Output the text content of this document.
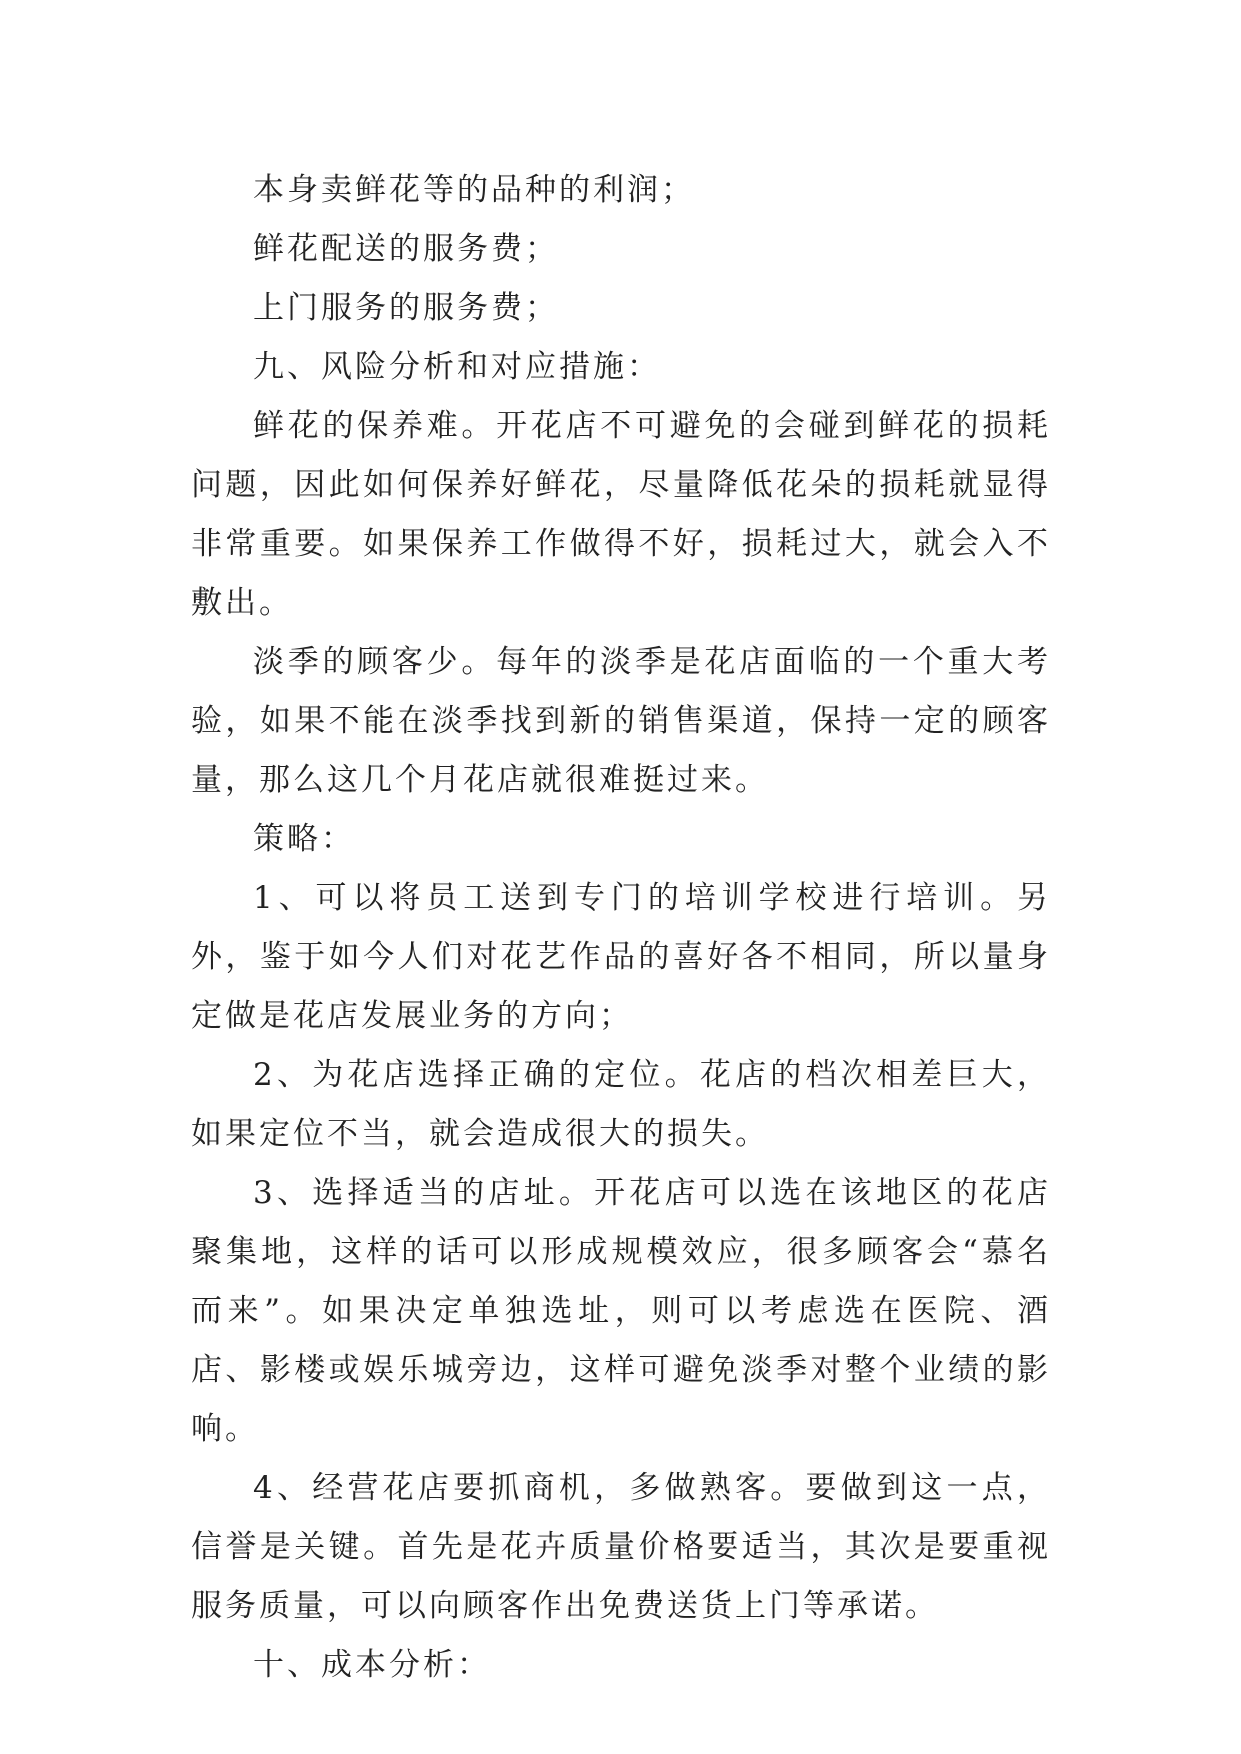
本身卖鲜花等的品种的利润；

鲜花配送的服务费；

上门服务的服务费；

九、风险分析和对应措施：

鲜花的保养难。开花店不可避免的会碰到鲜花的损耗问题，因此如何保养好鲜花，尽量降低花朵的损耗就显得非常重要。如果保养工作做得不好，损耗过大，就会入不敷出。

淡季的顾客少。每年的淡季是花店面临的一个重大考验，如果不能在淡季找到新的销售渠道，保持一定的顾客量，那么这几个月花店就很难挺过来。

策略：

1、可以将员工送到专门的培训学校进行培训。另外，鉴于如今人们对花艺作品的喜好各不相同，所以量身定做是花店发展业务的方向；

2、为花店选择正确的定位。花店的档次相差巨大，如果定位不当，就会造成很大的损失。

3、选择适当的店址。开花店可以选在该地区的花店聚集地，这样的话可以形成规模效应，很多顾客会“慕名而来”。如果决定单独选址，则可以考虑选在医院、酒店、影楼或娱乐城旁边，这样可避免淡季对整个业绩的影响。

4、经营花店要抓商机，多做熟客。要做到这一点，信誉是关键。首先是花卉质量价格要适当，其次是要重视服务质量，可以向顾客作出免费送货上门等承诺。

十、成本分析：
